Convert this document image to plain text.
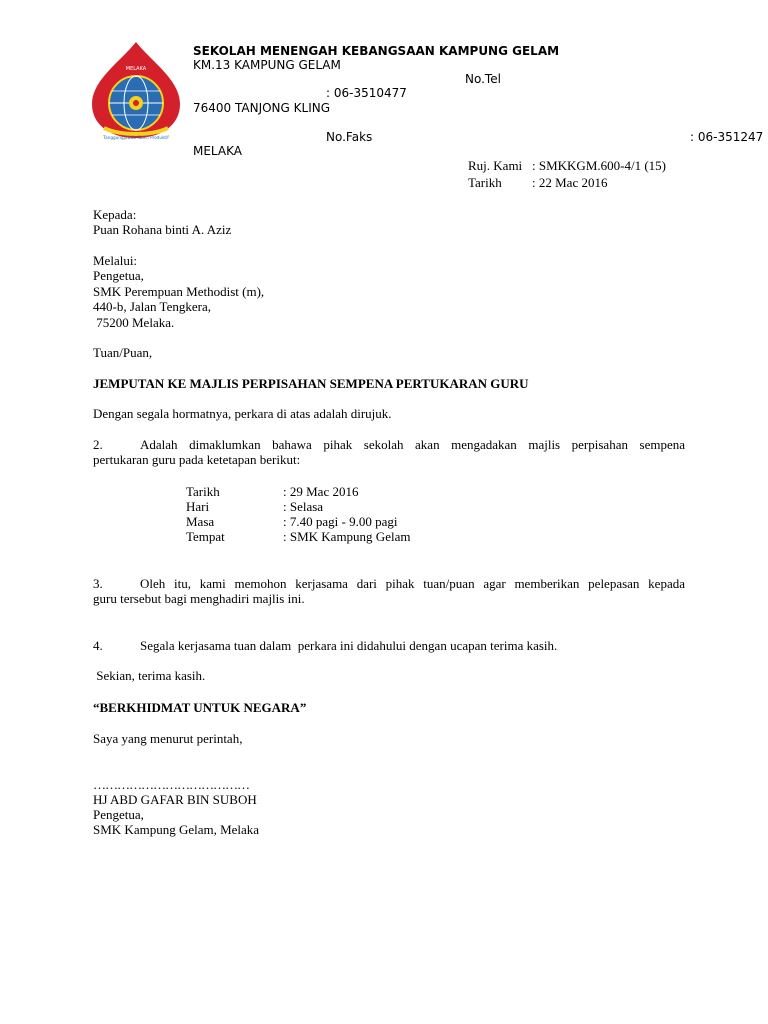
MELAKA
Tanggungjawab Kunci Produktif
SEKOLAH MENENGAH KEBANGSAAN KAMPUNG GELAM
KM.13 KAMPUNG GELAM
No.Tel
: 06-3510477
76400 TANJONG KLING
No.Faks	: 06-351247
MELAKA
Ruj. Kami : SMKKGM.600-4/1 (15)
Tarikh : 22 Mac 2016
Kepada:
Puan Rohana binti A. Aziz
Melalui:
Pengetua,
SMK Perempuan Methodist (m),
440-b, Jalan Tengkera,
75200 Melaka.
Tuan/Puan,
JEMPUTAN KE MAJLIS PERPISAHAN SEMPENA PERTUKARAN GURU
Dengan segala hormatnya, perkara di atas adalah dirujuk.
2.	Adalah dimaklumkan bahawa pihak sekolah akan mengadakan majlis perpisahan sempena
pertukaran guru pada ketetapan berikut:
Tarikh	: 29 Mac 2016
Hari	: Selasa
Masa	: 7.40 pagi - 9.00 pagi
Tempat	: SMK Kampung Gelam
3.	Oleh itu, kami memohon kerjasama dari pihak tuan/puan agar memberikan pelepasan kepada
guru tersebut bagi menghadiri majlis ini.
4.	Segala kerjasama tuan dalam  perkara ini didahului dengan ucapan terima kasih.
Sekian, terima kasih.
“BERKHIDMAT UNTUK NEGARA”
Saya yang menurut perintah,
…………………………………
HJ ABD GAFAR BIN SUBOH
Pengetua,
SMK Kampung Gelam, Melaka
